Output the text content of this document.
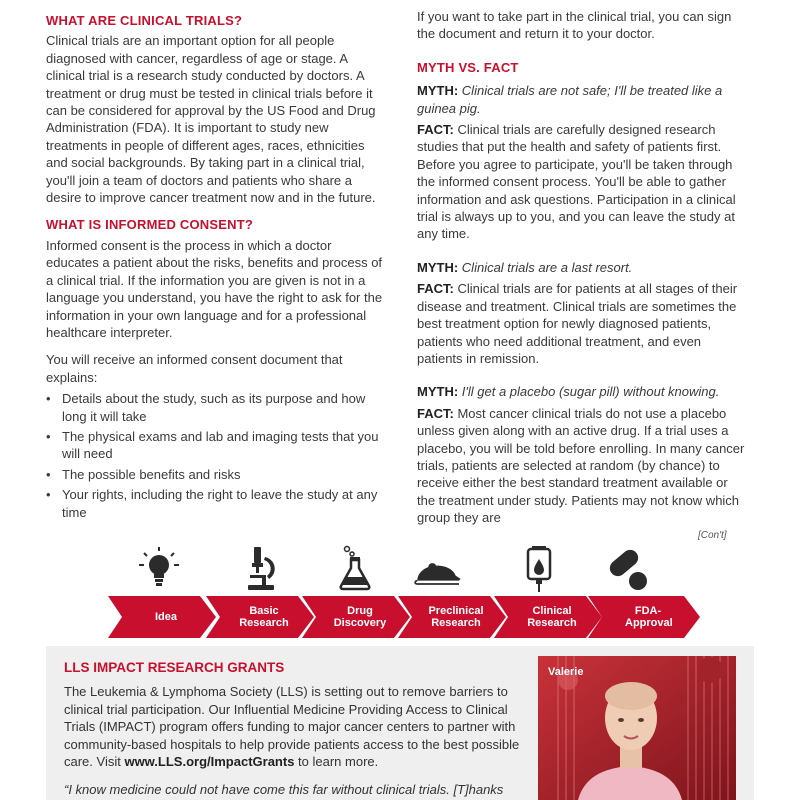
WHAT ARE CLINICAL TRIALS?

Clinical trials are an important option for all people diagnosed with cancer, regardless of age or stage. A clinical trial is a research study conducted by doctors. A treatment or drug must be tested in clinical trials before it can be considered for approval by the US Food and Drug Administration (FDA). It is important to study new treatments in people of different ages, races, ethnicities and social backgrounds. By taking part in a clinical trial, you'll join a team of doctors and patients who share a desire to improve cancer treatment now and in the future.

WHAT IS INFORMED CONSENT?

Informed consent is the process in which a doctor educates a patient about the risks, benefits and process of a clinical trial. If the information you are given is not in a language you understand, you have the right to ask for the information in your own language and for a professional healthcare interpreter.

You will receive an informed consent document that explains:

• Details about the study, such as its purpose and how long it will take
• The physical exams and lab and imaging tests that you will need
• The possible benefits and risks
• Your rights, including the right to leave the study at any time

If you want to take part in the clinical trial, you can sign the document and return it to your doctor.

MYTH VS. FACT

MYTH: Clinical trials are not safe; I'll be treated like a guinea pig.

FACT: Clinical trials are carefully designed research studies that put the health and safety of patients first. Before you agree to participate, you'll be taken through the informed consent process. You'll be able to gather information and ask questions. Participation in a clinical trial is always up to you, and you can leave the study at any time.

MYTH: Clinical trials are a last resort.

FACT: Clinical trials are for patients at all stages of their disease and treatment. Clinical trials are sometimes the best treatment option for newly diagnosed patients, patients who need additional treatment, and even patients in remission.

MYTH: I'll get a placebo (sugar pill) without knowing.

FACT: Most cancer clinical trials do not use a placebo unless given along with an active drug. If a trial uses a placebo, you will be told before enrolling. In many cancer trials, patients are selected at random (by chance) to receive either the best standard treatment available or the treatment under study. Patients may not know which group they are

[Con't]
Idea	Basic Research
Drug Discovery
Preclinical Research
Clinical Research
FDA-Approval
LLS IMPACT RESEARCH GRANTS

The Leukemia & Lymphoma Society (LLS) is setting out to remove barriers to clinical trial participation. Our Influential Medicine Providing Access to Clinical Trials (IMPACT) program offers funding to major cancer centers to partner with community-based hospitals to help provide patients access to the best possible care. Visit www.LLS.org/ImpactGrants to learn more.

“I know medicine could not have come this far without clinical trials. [T]hanks

Valerie
